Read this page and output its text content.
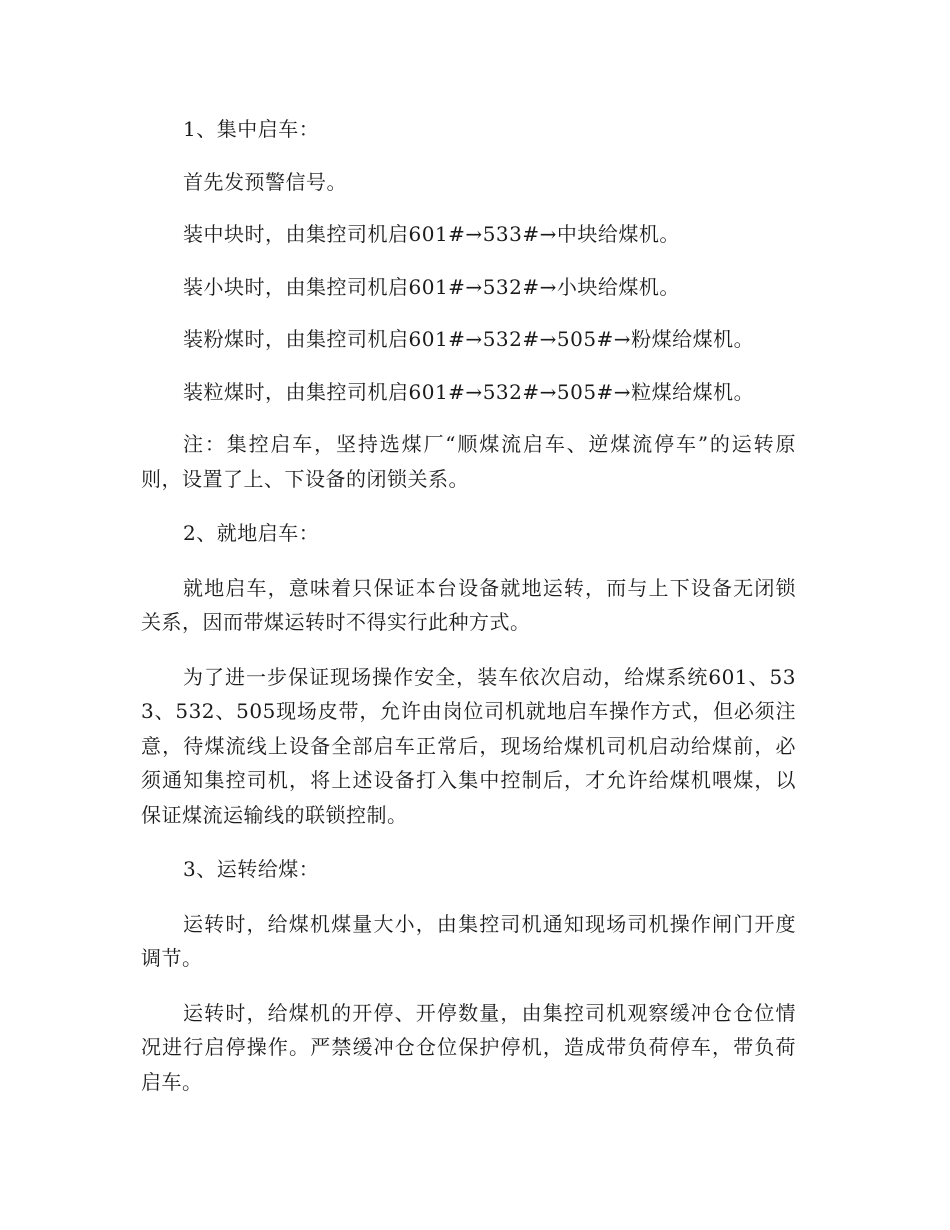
1、集中启车：

首先发预警信号。

装中块时，由集控司机启601#→533#→中块给煤机。

装小块时，由集控司机启601#→532#→小块给煤机。

装粉煤时，由集控司机启601#→532#→505#→粉煤给煤机。

装粒煤时，由集控司机启601#→532#→505#→粒煤给煤机。

注：集控启车，坚持选煤厂“顺煤流启车、逆煤流停车”的运转原则，设置了上、下设备的闭锁关系。

2、就地启车：

就地启车，意味着只保证本台设备就地运转，而与上下设备无闭锁关系，因而带煤运转时不得实行此种方式。

为了进一步保证现场操作安全，装车依次启动，给煤系统601、533、532、505现场皮带，允许由岗位司机就地启车操作方式，但必须注意，待煤流线上设备全部启车正常后，现场给煤机司机启动给煤前，必须通知集控司机，将上述设备打入集中控制后，才允许给煤机喂煤，以保证煤流运输线的联锁控制。

3、运转给煤：

运转时，给煤机煤量大小，由集控司机通知现场司机操作闸门开度调节。

运转时，给煤机的开停、开停数量，由集控司机观察缓冲仓仓位情况进行启停操作。严禁缓冲仓仓位保护停机，造成带负荷停车，带负荷启车。
